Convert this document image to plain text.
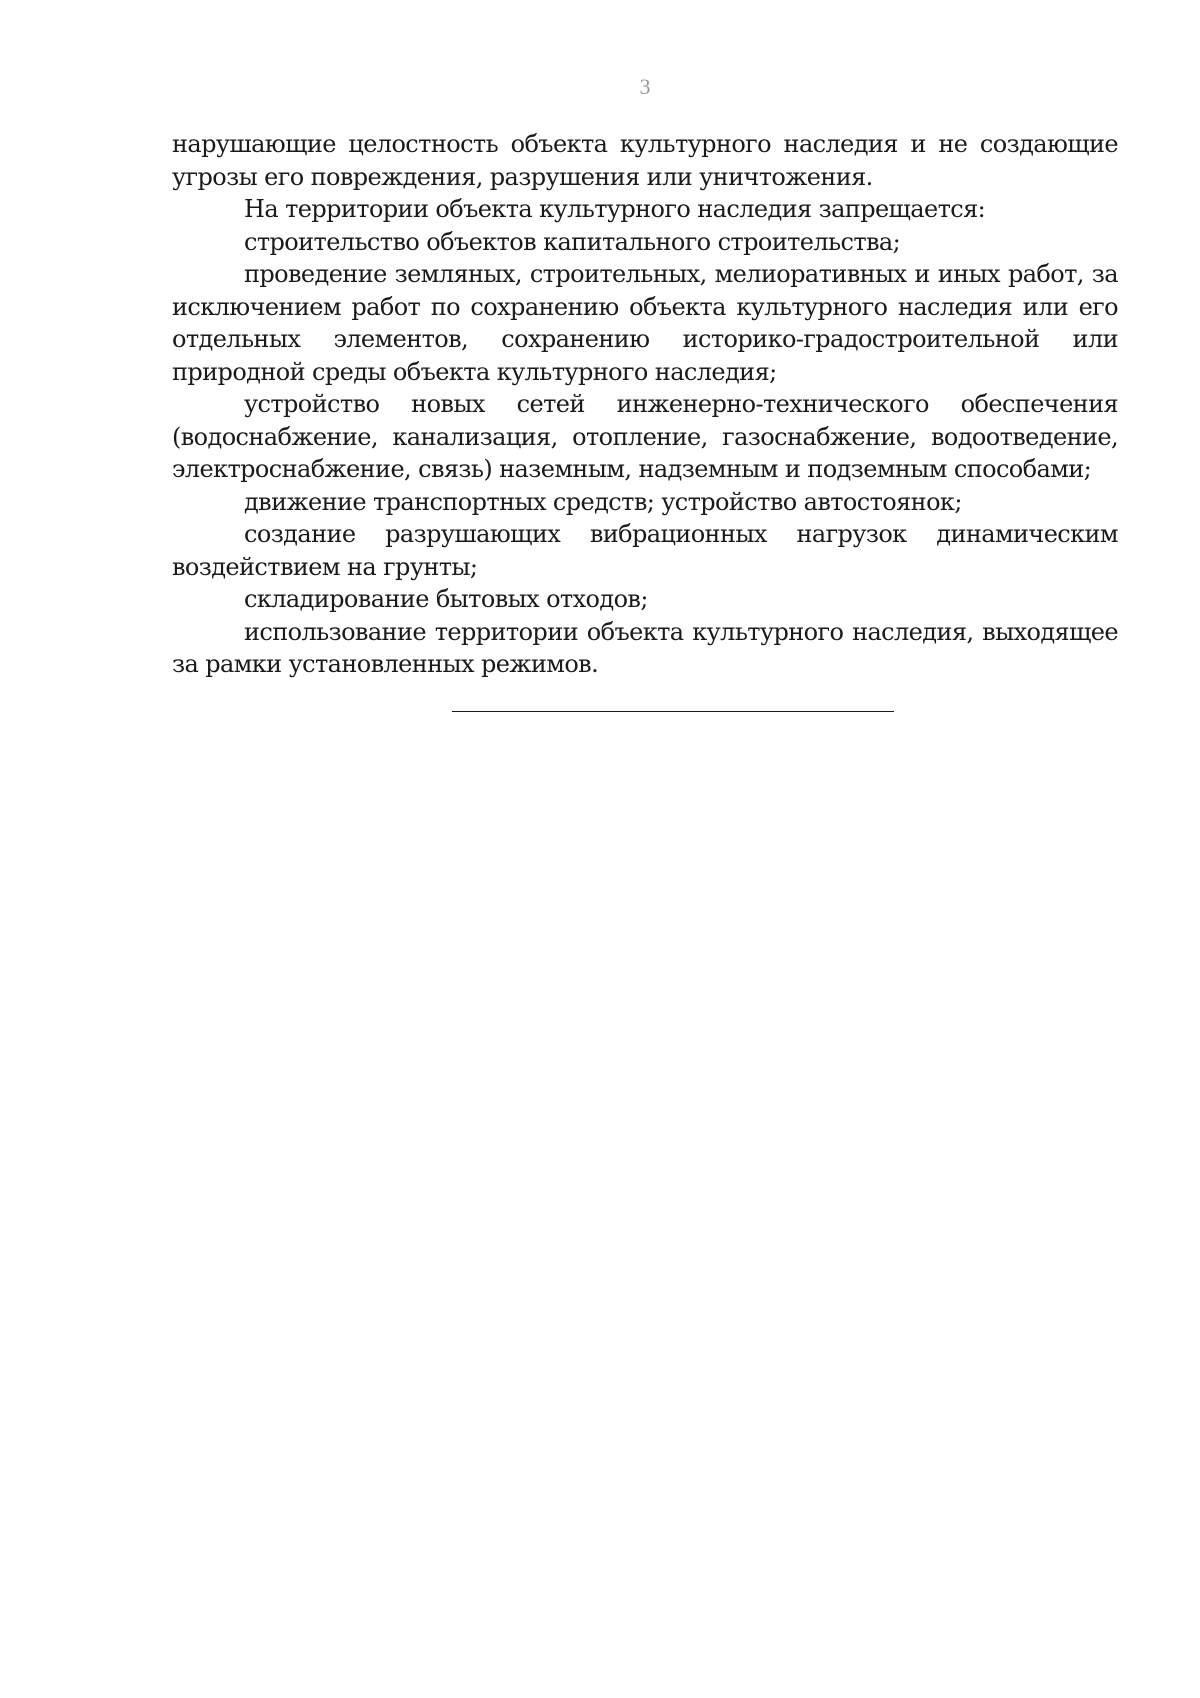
3

нарушающие целостность объекта культурного наследия и не создающие угрозы его повреждения, разрушения или уничтожения.

На территории объекта культурного наследия запрещается:

строительство объектов капитального строительства;

проведение земляных, строительных, мелиоративных и иных работ, за исключением работ по сохранению объекта культурного наследия или его отдельных элементов, сохранению историко-градостроительной или природной среды объекта культурного наследия;

устройство новых сетей инженерно-технического обеспечения (водоснабжение, канализация, отопление, газоснабжение, водоотведение, электроснабжение, связь) наземным, надземным и подземным способами;

движение транспортных средств; устройство автостоянок;

создание разрушающих вибрационных нагрузок динамическим воздействием на грунты;

складирование бытовых отходов;

использование территории объекта культурного наследия, выходящее за рамки установленных режимов.
